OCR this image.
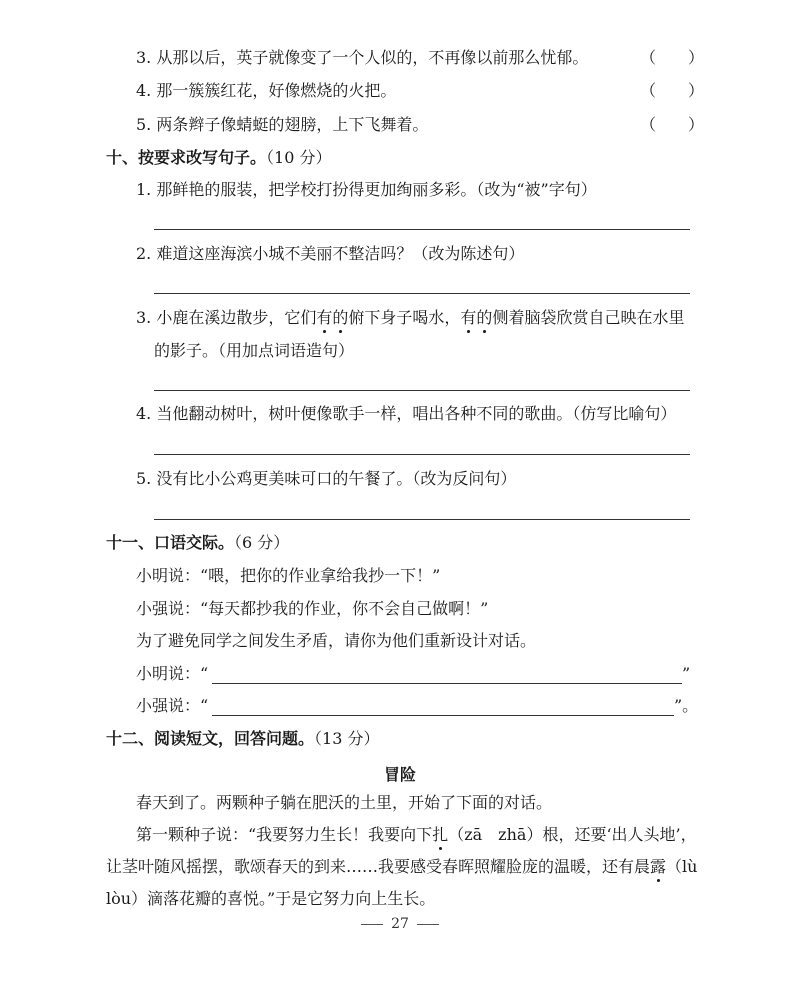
3. 从那以后，英子就像变了一个人似的，不再像以前那么忧郁。	（　　）
4. 那一簇簇红花，好像燃烧的火把。	（　　）
5. 两条辫子像蜻蜓的翅膀，上下飞舞着。	（　　）
十、按要求改写句子。（10 分）
1. 那鲜艳的服装，把学校打扮得更加绚丽多彩。（改为“被”字句）
2. 难道这座海滨小城不美丽不整洁吗？（改为陈述句）
3. 小鹿在溪边散步，它们有的俯下身子喝水，有的侧着脑袋欣赏自己映在水里
的影子。（用加点词语造句）
4. 当他翻动树叶，树叶便像歌手一样，唱出各种不同的歌曲。（仿写比喻句）
5. 没有比小公鸡更美味可口的午餐了。（改为反问句）
十一、口语交际。（6 分）
小明说：“喂，把你的作业拿给我抄一下！”
小强说：“每天都抄我的作业，你不会自己做啊！”
为了避免同学之间发生矛盾，请你为他们重新设计对话。
小明说：“	”
小强说：“	”。
十二、阅读短文，回答问题。（13 分）
冒险
春天到了。两颗种子躺在肥沃的土里，开始了下面的对话。
第一颗种子说：“我要努力生长！我要向下扎（zā　zhā）根，还要‘出人头地’，
让茎叶随风摇摆，歌颂春天的到来……我要感受春晖照耀脸庞的温暖，还有晨露（lù
lòu）滴落花瓣的喜悦。”于是它努力向上生长。
27
